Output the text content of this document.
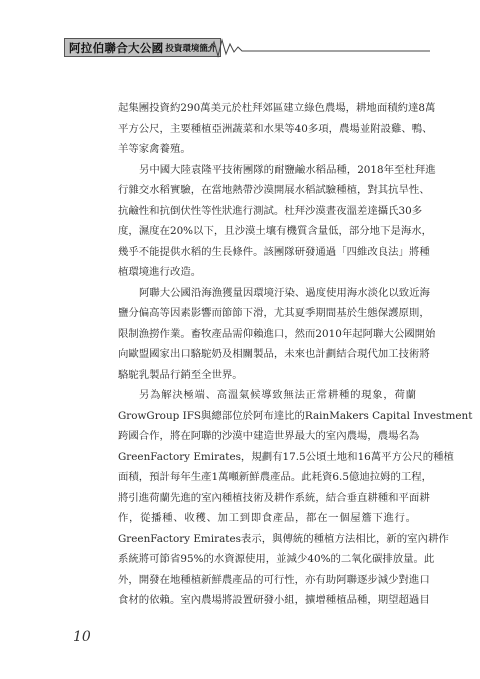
阿拉伯聯合大公國 投資環境簡介

起集團投資約290萬美元於杜拜郊區建立綠色農場，耕地面積約達8萬
平方公尺，主要種植亞洲蔬菜和水果等40多項，農場並附設雞、鴨、
羊等家禽養殖。

另中國大陸袁隆平技術團隊的耐鹽鹼水稻品種，2018年至杜拜進
行雜交水稻實驗，在當地熱帶沙漠開展水稻試驗種植，對其抗旱性、
抗鹼性和抗倒伏性等性狀進行測試。杜拜沙漠晝夜溫差達攝氏30多
度，濕度在20%以下，且沙漠土壤有機質含量低，部分地下是海水，
幾乎不能提供水稻的生長條件。該團隊研發通過「四維改良法」將種
植環境進行改造。

阿聯大公國沿海漁獲量因環境汙染、過度使用海水淡化以致近海
鹽分偏高等因素影響而節節下滑，尤其夏季期間基於生態保護原則，
限制漁撈作業。畜牧產品需仰賴進口，然而2010年起阿聯大公國開始
向歐盟國家出口駱駝奶及相關製品，未來也計劃結合現代加工技術將
駱駝乳製品行銷至全世界。

另為解決極端、高溫氣候導致無法正常耕種的現象，荷蘭
GrowGroup IFS與總部位於阿布達比的RainMakers Capital Investment
跨國合作，將在阿聯的沙漠中建造世界最大的室內農場，農場名為
GreenFactory Emirates，規劃有17.5公頃土地和16萬平方公尺的種植
面積，預計每年生產1萬噸新鮮農產品。此耗資6.5億迪拉姆的工程，
將引進荷蘭先進的室內種植技術及耕作系統，結合垂直耕種和平面耕
作，從播種、收穫、加工到即食產品，都在一個屋簷下進行。
GreenFactory Emirates表示，與傳統的種植方法相比，新的室內耕作
系統將可節省95%的水資源使用，並減少40%的二氧化碳排放量。此
外，開發在地種植新鮮農產品的可行性，亦有助阿聯逐步減少對進口
食材的依賴。室內農場將設置研發小組，擴增種植品種，期望超過目

10
